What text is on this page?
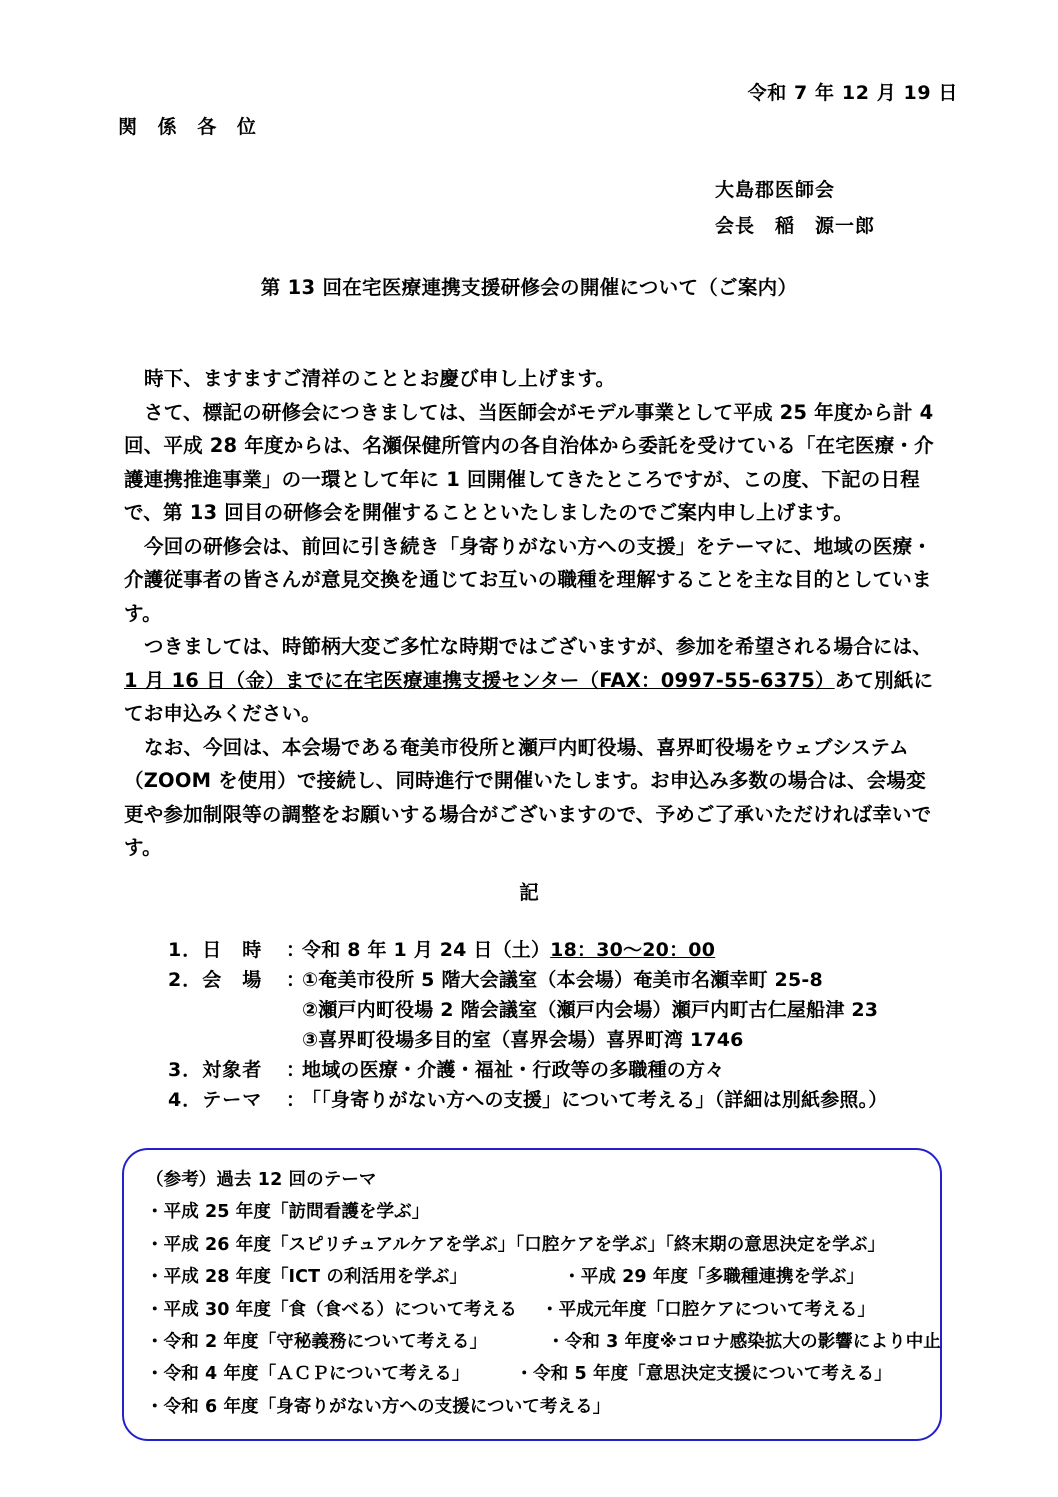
令和 7 年 12 月 19 日
関 係 各 位
大島郡医師会
会長　稲　源一郎
第 13 回在宅医療連携支援研修会の開催について（ご案内）

時下、ますますご清祥のこととお慶び申し上げます。

さて、標記の研修会につきましては、当医師会がモデル事業として平成 25 年度から計 4 回、平成 28 年度からは、名瀬保健所管内の各自治体から委託を受けている「在宅医療・介護連携推進事業」の一環として年に 1 回開催してきたところですが、この度、下記の日程で、第 13 回目の研修会を開催することといたしましたのでご案内申し上げます。

今回の研修会は、前回に引き続き「身寄りがない方への支援」をテーマに、地域の医療・介護従事者の皆さんが意見交換を通じてお互いの職種を理解することを主な目的としています。

つきましては、時節柄大変ご多忙な時期ではございますが、参加を希望される場合には、1 月 16 日（金）までに在宅医療連携支援センター（FAX：0997-55-6375）あて別紙にてお申込みください。

なお、今回は、本会場である奄美市役所と瀬戸内町役場、喜界町役場をウェブシステム（ZOOM を使用）で接続し、同時進行で開催いたします。お申込み多数の場合は、会場変更や参加制限等の調整をお願いする場合がございますので、予めご了承いただければ幸いです。

記
1．日　時	：
令和 8 年 1 月 24 日（土）18：30～20：00
2．会　場	：
①奄美市役所 5 階大会議室（本会場）奄美市名瀬幸町 25-8
②瀬戸内町役場 2 階会議室（瀬戸内会場）瀬戸内町古仁屋船津 23
③喜界町役場多目的室（喜界会場）喜界町湾 1746
3．対象者	：
地域の医療・介護・福祉・行政等の多職種の方々
4．テーマ	：
「「身寄りがない方への支援」について考える」（詳細は別紙参照。）
（参考）過去 12 回のテーマ
・平成 25 年度「訪問看護を学ぶ」
・平成 26 年度「スピリチュアルケアを学ぶ」「口腔ケアを学ぶ」「終末期の意思決定を学ぶ」
・平成 28 年度「ICT の利活用を学ぶ」	・平成 29 年度「多職種連携を学ぶ」
・平成 30 年度「食（食べる）について考える ・平成元年度「口腔ケアについて考える」
・令和 2 年度「守秘義務について考える」	・令和 3 年度※コロナ感染拡大の影響により中止
・令和 4 年度「ＡＣＰについて考える」	・令和 5 年度「意思決定支援について考える」
・令和 6 年度「身寄りがない方への支援について考える」
